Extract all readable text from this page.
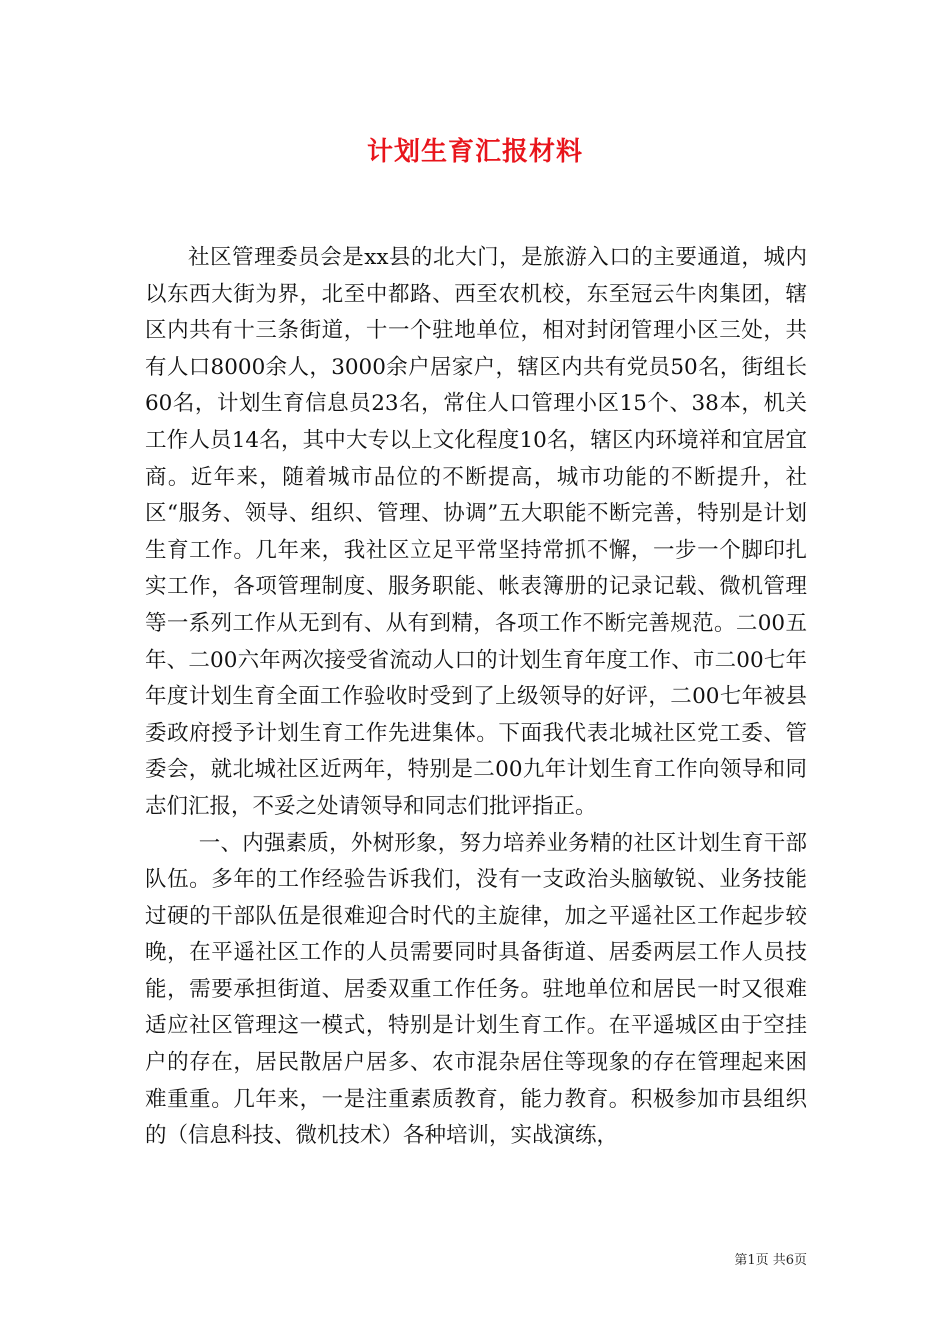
计划生育汇报材料

社区管理委员会是xx县的北大门，是旅游入口的主要通道，城内以东西大街为界，北至中都路、西至农机校，东至冠云牛肉集团，辖区内共有十三条街道，十一个驻地单位，相对封闭管理小区三处，共有人口8000余人，3000余户居家户，辖区内共有党员50名，街组长60名，计划生育信息员23名，常住人口管理小区15个、38本，机关工作人员14名，其中大专以上文化程度10名，辖区内环境祥和宜居宜商。近年来，随着城市品位的不断提高，城市功能的不断提升，社区“服务、领导、组织、管理、协调”五大职能不断完善，特别是计划生育工作。几年来，我社区立足平常坚持常抓不懈，一步一个脚印扎实工作，各项管理制度、服务职能、帐表簿册的记录记载、微机管理等一系列工作从无到有、从有到精，各项工作不断完善规范。二00五年、二00六年两次接受省流动人口的计划生育年度工作、市二00七年年度计划生育全面工作验收时受到了上级领导的好评，二00七年被县委政府授予计划生育工作先进集体。下面我代表北城社区党工委、管委会，就北城社区近两年，特别是二00九年计划生育工作向领导和同志们汇报，不妥之处请领导和同志们批评指正。

一、内强素质，外树形象，努力培养业务精的社区计划生育干部队伍。多年的工作经验告诉我们，没有一支政治头脑敏锐、业务技能过硬的干部队伍是很难迎合时代的主旋律，加之平遥社区工作起步较晚，在平遥社区工作的人员需要同时具备街道、居委两层工作人员技能，需要承担街道、居委双重工作任务。驻地单位和居民一时又很难适应社区管理这一模式，特别是计划生育工作。在平遥城区由于空挂户的存在，居民散居户居多、农市混杂居住等现象的存在管理起来困难重重。几年来，一是注重素质教育，能力教育。积极参加市县组织的（信息科技、微机技术）各种培训，实战演练，

第1页 共6页
